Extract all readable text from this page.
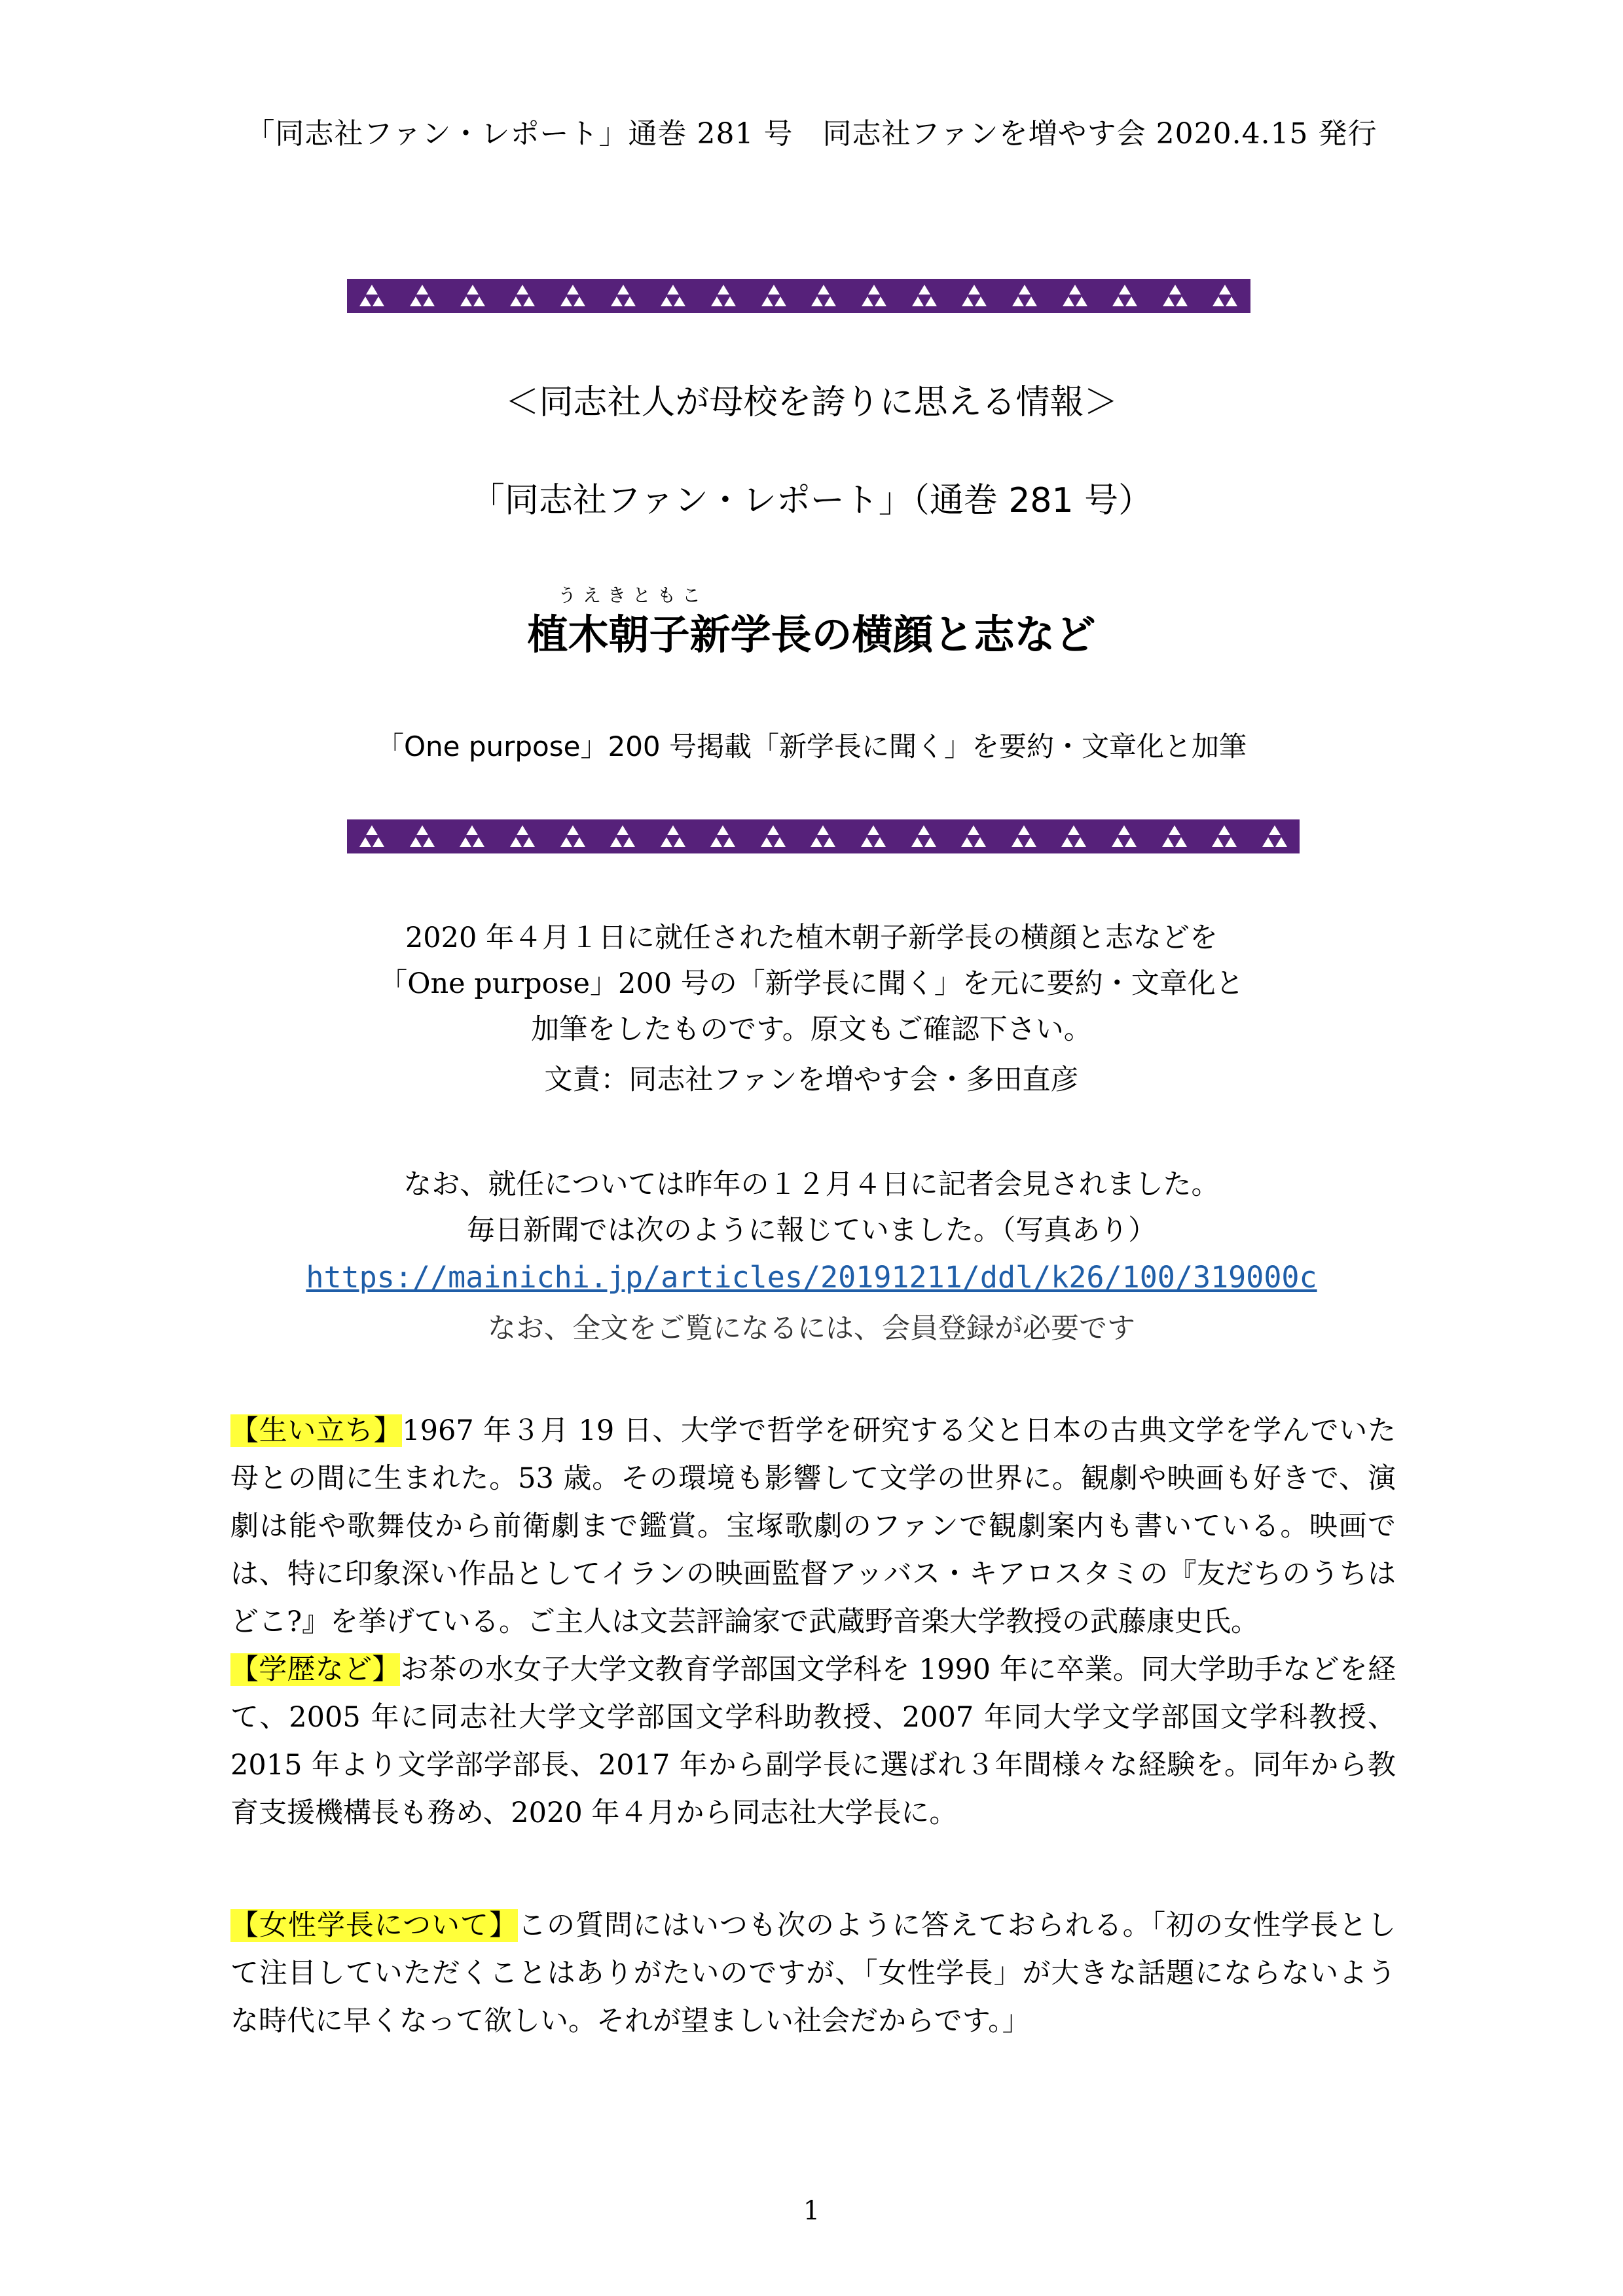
「同志社ファン・レポート」通巻 281 号　同志社ファンを増やす会 2020.4.15 発行
＜同志社人が母校を誇りに思える情報＞
「同志社ファン・レポート」（通巻 281 号）
うえきともこ
植木朝子新学長の横顔と志など
「One purpose」200 号掲載「新学長に聞く」を要約・文章化と加筆
2020 年４月１日に就任された植木朝子新学長の横顔と志などを
「One purpose」200 号の「新学長に聞く」を元に要約・文章化と
加筆をしたものです。原文もご確認下さい。
文責：同志社ファンを増やす会・多田直彦
なお、就任については昨年の１２月４日に記者会見されました。
毎日新聞では次のように報じていました。（写真あり）
https://mainichi.jp/articles/20191211/ddl/k26/100/319000c
なお、全文をご覧になるには、会員登録が必要です
【生い立ち】1967 年３月 19 日、大学で哲学を研究する父と日本の古典文学を学んでいた母との間に生まれた。53 歳。その環境も影響して文学の世界に。観劇や映画も好きで、演劇は能や歌舞伎から前衛劇まで鑑賞。宝塚歌劇のファンで観劇案内も書いている。映画では、特に印象深い作品としてイランの映画監督アッバス・キアロスタミの『友だちのうちはどこ?』を挙げている。ご主人は文芸評論家で武蔵野音楽大学教授の武藤康史氏。
【学歴など】お茶の水女子大学文教育学部国文学科を 1990 年に卒業。同大学助手などを経て、2005 年に同志社大学文学部国文学科助教授、2007 年同大学文学部国文学科教授、2015 年より文学部学部長、2017 年から副学長に選ばれ３年間様々な経験を。同年から教育支援機構長も務め、2020 年４月から同志社大学長に。
【女性学長について】この質問にはいつも次のように答えておられる。「初の女性学長として注目していただくことはありがたいのですが、「女性学長」が大きな話題にならないような時代に早くなって欲しい。それが望ましい社会だからです。」
1
